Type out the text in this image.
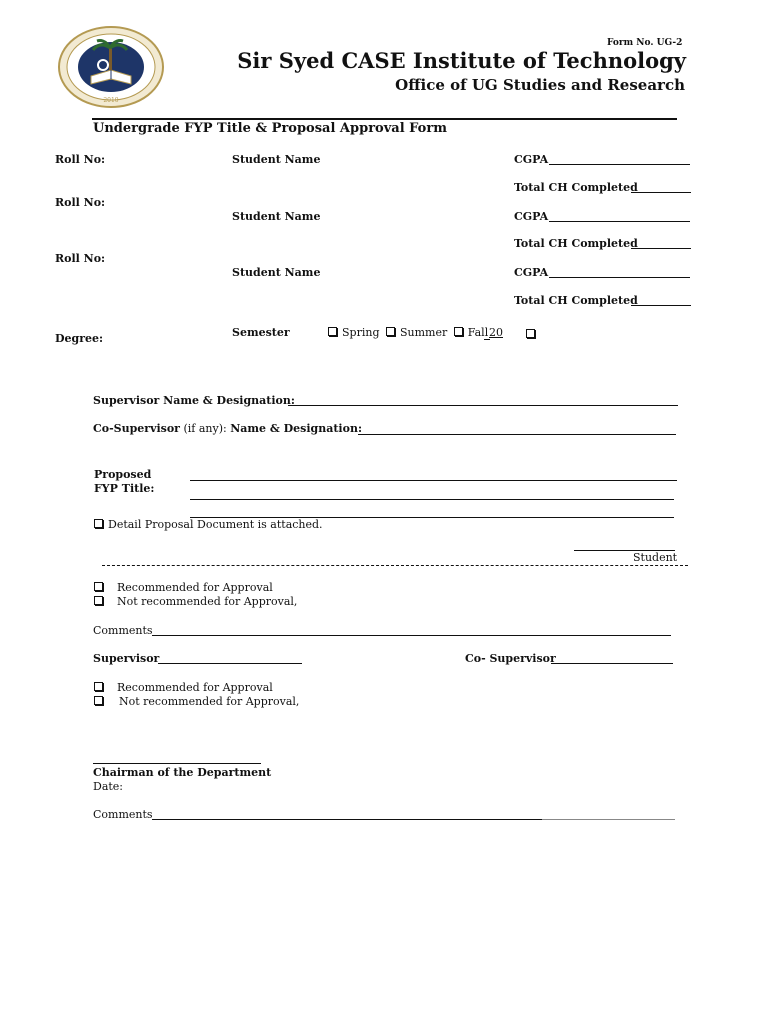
2010
Form No. UG-2
Sir Syed CASE Institute of Technology
Office of UG Studies and Research
Undergrade FYP Title & Proposal Approval Form
Roll No:	Student Name	CGPA
Total CH Completed
Roll No:
Student Name	CGPA
Total CH Completed
Roll No:
Student Name	CGPA
Total CH Completed
Degree:	Semester	Spring Summer Fall 20
Supervisor Name & Designation:
Co-Supervisor (if any): Name & Designation:
Proposed
FYP Title:
Detail Proposal Document is attached.
Student
Recommended for Approval
Not recommended for Approval,
Comments
Supervisor	Co- Supervisor
Recommended for Approval
Not recommended for Approval,
Chairman of the Department
Date:
Comments
